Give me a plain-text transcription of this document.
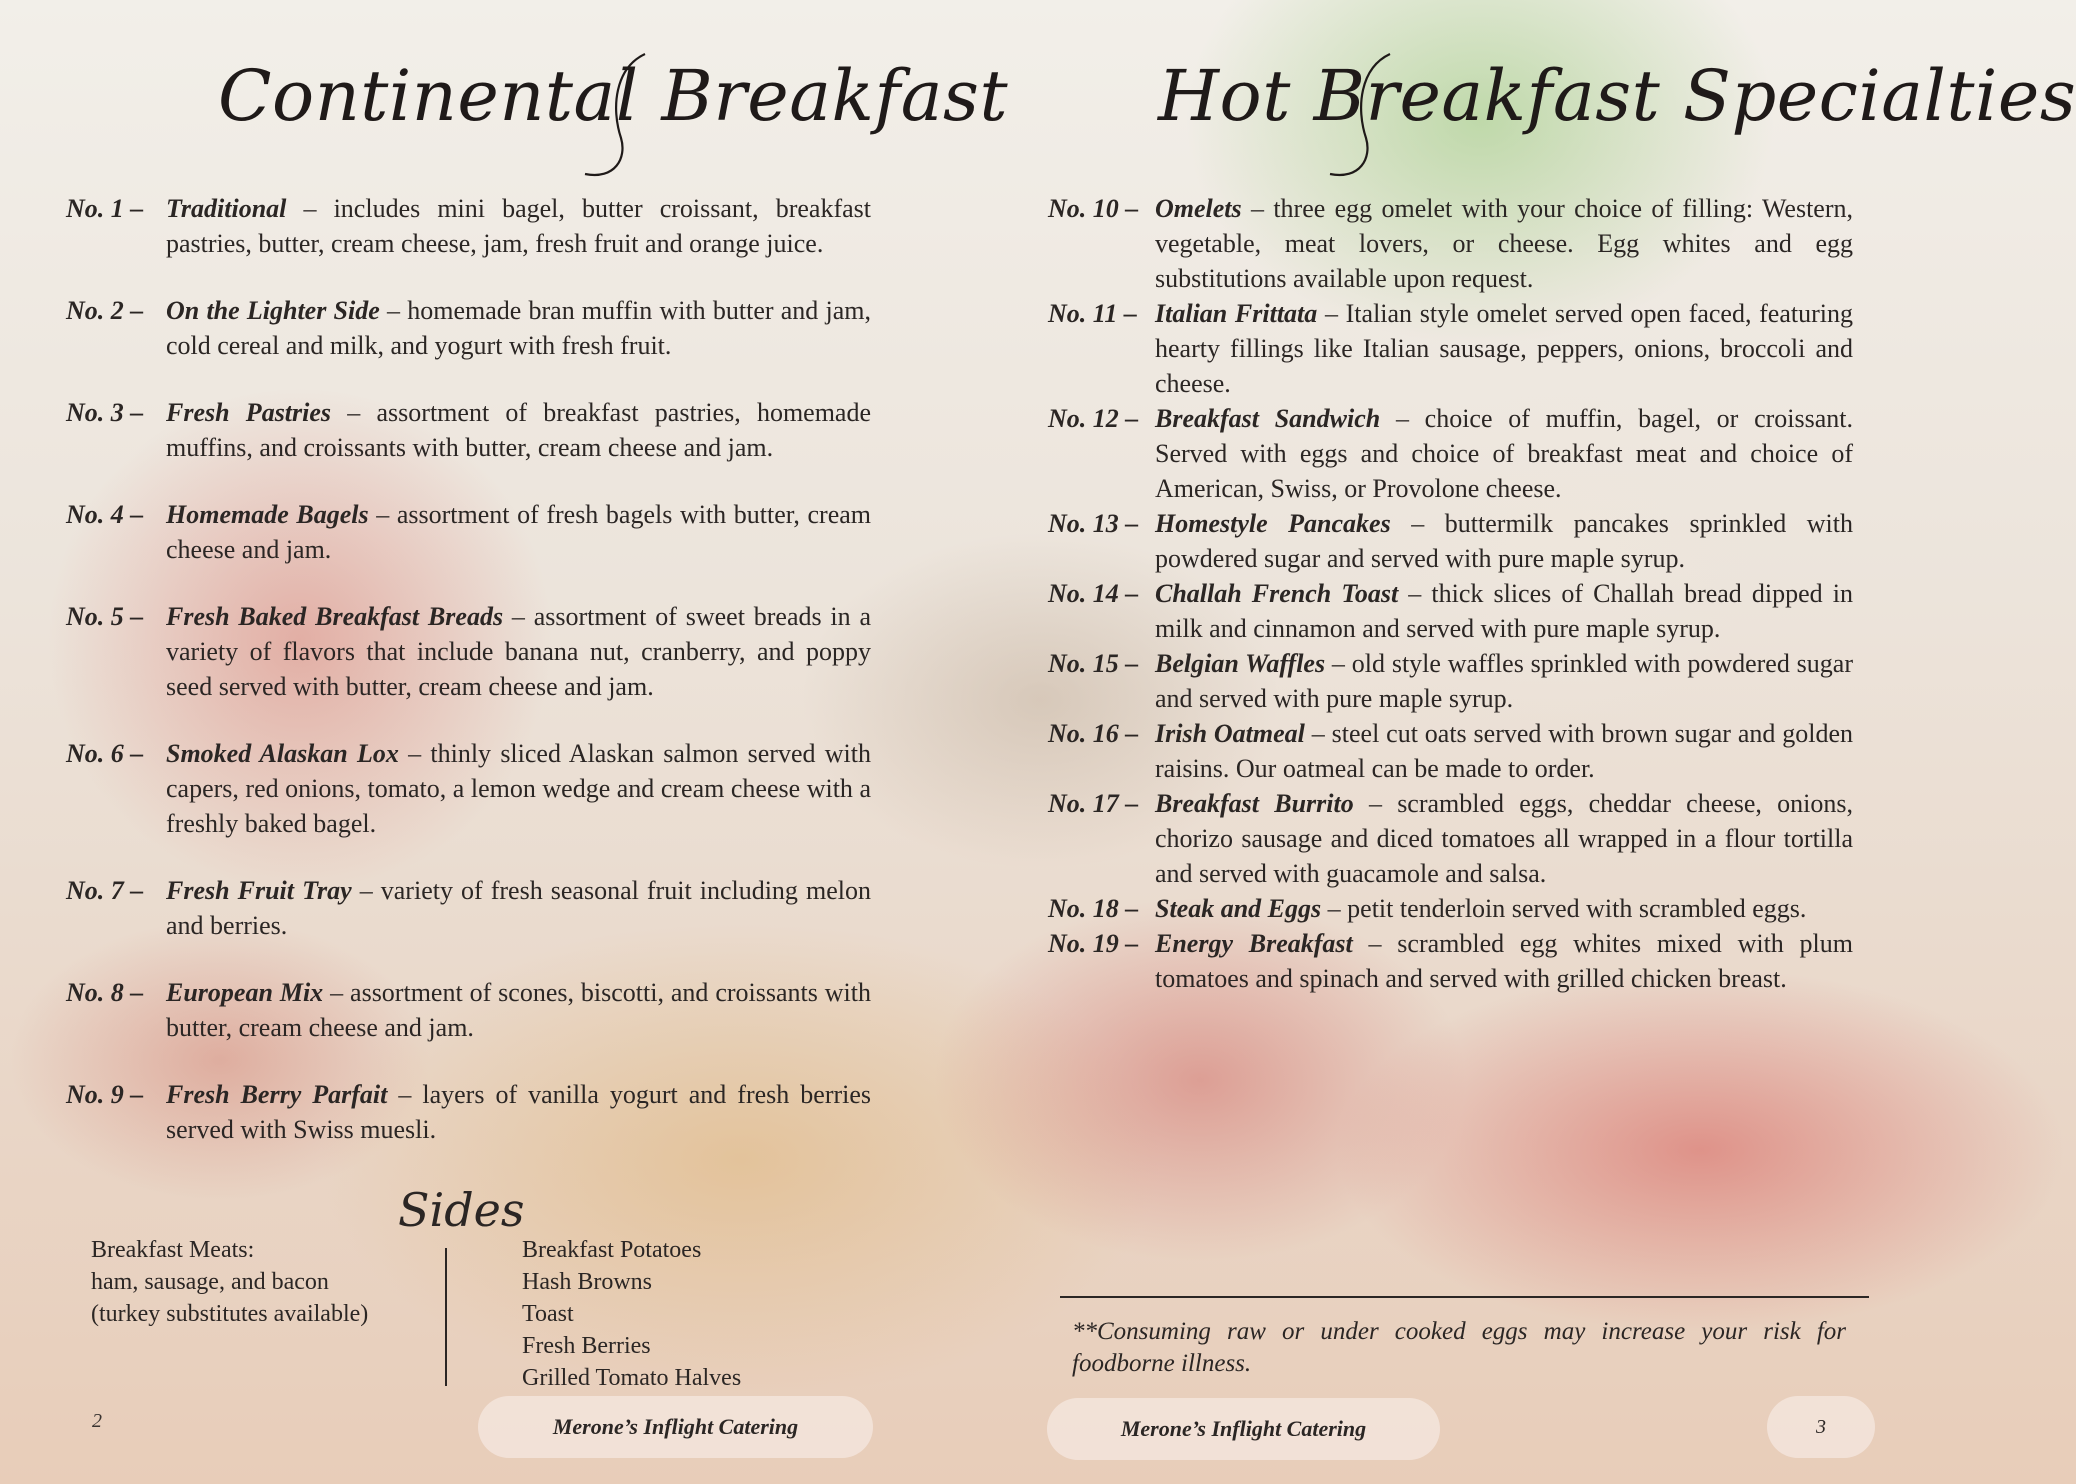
Continental Breakfast
No. 1 – Traditional – includes mini bagel, butter croissant, breakfast pastries, butter, cream cheese, jam, fresh fruit and orange juice.
No. 2 – On the Lighter Side – homemade bran muffin with butter and jam, cold cereal and milk, and yogurt with fresh fruit.
No. 3 – Fresh Pastries – assortment of breakfast pastries, homemade muffins, and croissants with butter, cream cheese and jam.
No. 4 – Homemade Bagels – assortment of fresh bagels with butter, cream cheese and jam.
No. 5 – Fresh Baked Breakfast Breads – assortment of sweet breads in a variety of flavors that include banana nut, cranberry, and poppy seed served with butter, cream cheese and jam.
No. 6 – Smoked Alaskan Lox – thinly sliced Alaskan salmon served with capers, red onions, tomato, a lemon wedge and cream cheese with a freshly baked bagel.
No. 7 – Fresh Fruit Tray – variety of fresh seasonal fruit including melon and berries.
No. 8 – European Mix – assortment of scones, biscotti, and croissants with butter, cream cheese and jam.
No. 9 – Fresh Berry Parfait – layers of vanilla yogurt and fresh berries served with Swiss muesli.
Sides
Breakfast Meats:
ham, sausage, and bacon
(turkey substitutes available)
Breakfast Potatoes
Hash Browns
Toast
Fresh Berries
Grilled Tomato Halves
2	Merone’s Inflight Catering
Hot Breakfast Specialties
No. 10 – Omelets – three egg omelet with your choice of filling: Western, vegetable, meat lovers, or cheese. Egg whites and egg substitutions available upon request.
No. 11 – Italian Frittata – Italian style omelet served open faced, featuring hearty fillings like Italian sausage, peppers, onions, broccoli and cheese.
No. 12 – Breakfast Sandwich – choice of muffin, bagel, or croissant. Served with eggs and choice of breakfast meat and choice of American, Swiss, or Provolone cheese.
No. 13 – Homestyle Pancakes – buttermilk pancakes sprinkled with powdered sugar and served with pure maple syrup.
No. 14 – Challah French Toast – thick slices of Challah bread dipped in milk and cinnamon and served with pure maple syrup.
No. 15 – Belgian Waffles – old style waffles sprinkled with powdered sugar and served with pure maple syrup.
No. 16 – Irish Oatmeal – steel cut oats served with brown sugar and golden raisins. Our oatmeal can be made to order.
No. 17 – Breakfast Burrito – scrambled eggs, cheddar cheese, onions, chorizo sausage and diced tomatoes all wrapped in a flour tortilla and served with guacamole and salsa.
No. 18 – Steak and Eggs – petit tenderloin served with scrambled eggs.
No. 19 – Energy Breakfast – scrambled egg whites mixed with plum tomatoes and spinach and served with grilled chicken breast.
**Consuming raw or under cooked eggs may increase your risk for foodborne illness.
Merone’s Inflight Catering	3
